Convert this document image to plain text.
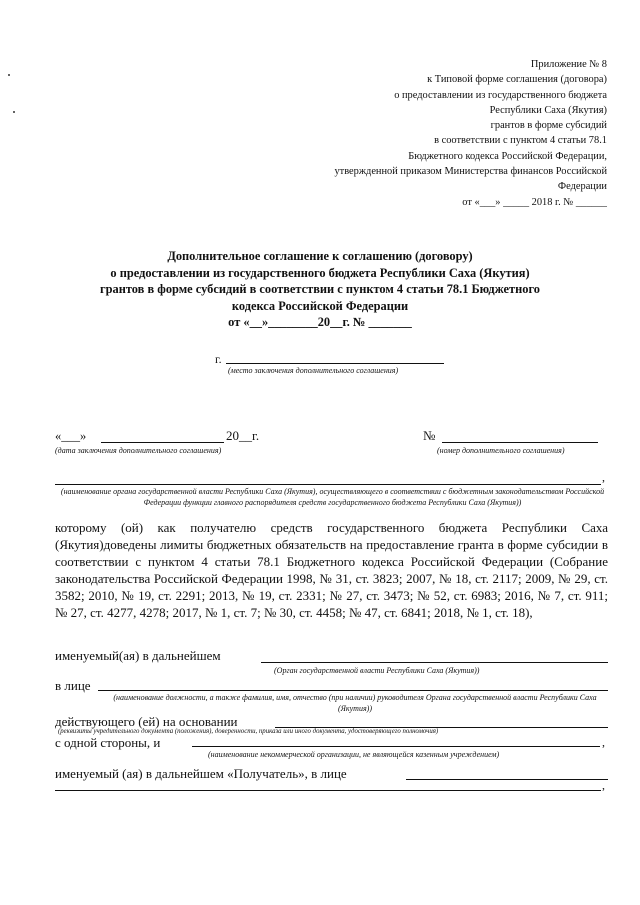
Приложение № 8
к Типовой форме соглашения (договора)
о предоставлении из государственного бюджета
Республики Саха (Якутия)
грантов в форме субсидий
в соответствии с пунктом 4 статьи 78.1
Бюджетного кодекса Российской Федерации,
утвержденной приказом Министерства финансов Российской
Федерации
от «___» _____ 2018 г. № ______
Дополнительное соглашение к соглашению (договору)
о предоставлении из государственного бюджета Республики Саха (Якутия)
грантов в форме субсидий в соответствии с пунктом 4 статьи 78.1 Бюджетного
кодекса Российской Федерации
от «__»________20__г. № _______
г.
(место заключения дополнительного соглашения)
«___»	20__г.
(дата заключения дополнительного соглашения)
№
(номер дополнительного соглашения)
,
(наименование органа государственной власти Республики Саха (Якутия), осуществляющего в соответствии с бюджетным законодательством Российской Федерации функции главного распорядителя средств государственного бюджета Республики Саха (Якутия))
которому (ой) как получателю средств государственного бюджета Республики Саха (Якутия)доведены лимиты бюджетных обязательств на предоставление гранта в форме субсидии в соответствии с пунктом 4 статьи 78.1 Бюджетного кодекса Российской Федерации (Собрание законодательства Российской Федерации 1998, № 31, ст. 3823; 2007, № 18, ст. 2117; 2009, № 29, ст. 3582; 2010, № 19, ст. 2291; 2013, № 19, ст. 2331; № 27, ст. 3473; № 52, ст. 6983; 2016, № 7, ст. 911; № 27, ст. 4277, 4278; 2017, № 1, ст. 7; № 30, ст. 4458; № 47, ст. 6841; 2018, № 1, ст. 18),
именуемый(ая) в дальнейшем
(Орган государственной власти Республики Саха (Якутия))
в лице
(наименование должности, а также фамилия, имя, отчество (при наличии) руководителя Органа государственной власти Республики Саха (Якутия))
действующего (ей) на основании
(реквизиты учредительного документа (положения), доверенности, приказа или иного документа, удостоверяющего полномочия)
с одной стороны, и	,
(наименование некоммерческой организации, не являющейся казенным учреждением)
именуемый (ая) в дальнейшем «Получатель», в лице
,
